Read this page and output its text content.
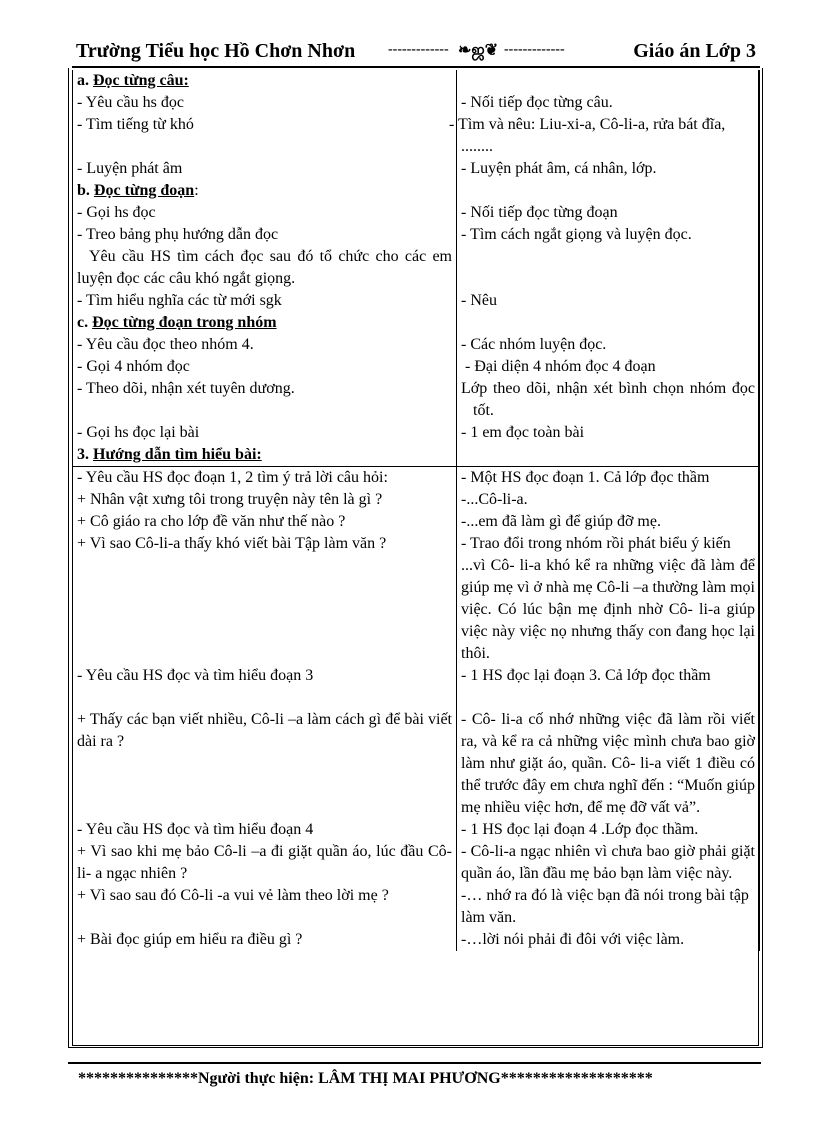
Trường Tiểu học Hồ Chơn Nhơn ------------- ❧ஜ❦ -------------	Giáo án Lớp 3
a. Đọc từng câu:	
- Yêu cầu hs đọc	- Nối tiếp đọc từng câu.
- Tìm tiếng từ khó	- Tìm và nêu: Liu-xi-a, Cô-li-a, rửa bát đĩa, ........
- Luyện phát âm	- Luyện phát âm, cá nhân, lớp.
b. Đọc từng đoạn:	
- Gọi hs đọc	- Nối tiếp đọc từng đoạn
- Treo bảng phụ hướng dẫn đọc	- Tìm cách ngắt giọng và luyện đọc.
Yêu cầu HS tìm cách đọc sau đó tổ chức cho các em luyện đọc các câu khó ngắt giọng.	
- Tìm hiểu nghĩa các từ mới sgk	- Nêu
c. Đọc từng đoạn trong nhóm	
- Yêu cầu đọc theo nhóm 4.	- Các nhóm luyện đọc.
- Gọi 4 nhóm đọc	- Đại diện 4 nhóm đọc 4 đoạn
- Theo dõi, nhận xét tuyên dương.	Lớp theo dõi, nhận xét bình chọn nhóm đọc tốt.
- Gọi hs đọc lại bài	- 1 em đọc toàn bài
3. Hướng dẫn tìm hiểu bài:	
- Yêu cầu HS đọc đoạn 1, 2 tìm ý trả lời câu hỏi:	- Một HS đọc đoạn 1. Cả lớp đọc thầm
+ Nhân vật xưng tôi trong truyện này tên là gì ?	-...Cô-li-a.
+ Cô giáo ra cho lớp đề văn như thế nào ?	-...em đã làm gì để giúp đỡ mẹ.
+ Vì sao Cô-li-a thấy khó viết bài Tập làm văn ?	- Trao đổi trong nhóm rồi phát biểu ý kiến
	...vì Cô- li-a khó kể ra những việc đã làm để giúp mẹ vì ở nhà mẹ Cô-li –a thường làm mọi việc. Có lúc bận mẹ định nhờ Cô- li-a giúp việc này việc nọ nhưng thấy con đang học lại thôi.
- Yêu cầu HS đọc và tìm hiểu đoạn 3	- 1 HS đọc lại đoạn 3. Cả lớp đọc thầm
+ Thấy các bạn viết nhiều, Cô-li –a làm cách gì để bài viết dài ra ?	- Cô- li-a cố nhớ những việc đã làm rồi viết ra, và kể ra cả những việc mình chưa bao giờ làm như giặt áo, quần. Cô- li-a viết 1 điều có thể trước đây em chưa nghĩ đến : “Muốn giúp mẹ nhiều việc hơn, để mẹ đỡ vất vả”.
- Yêu cầu HS đọc và tìm hiểu đoạn 4	- 1 HS đọc lại đoạn 4 .Lớp đọc thầm.
+ Vì sao khi mẹ bảo Cô-li –a đi giặt quần áo, lúc đầu Cô-li- a ngạc nhiên ?	- Cô-li-a ngạc nhiên vì chưa bao giờ phải giặt quần áo, lần đầu mẹ bảo bạn làm việc này.
+ Vì sao sau đó Cô-li -a vui vẻ làm theo lời mẹ ?	-… nhớ ra đó là việc bạn đã nói trong bài tập làm văn.
+ Bài đọc giúp em hiểu ra điều gì ?	-…lời nói phải đi đôi với việc làm.
***************Người thực hiện: LÂM THỊ MAI PHƯƠNG*******************
